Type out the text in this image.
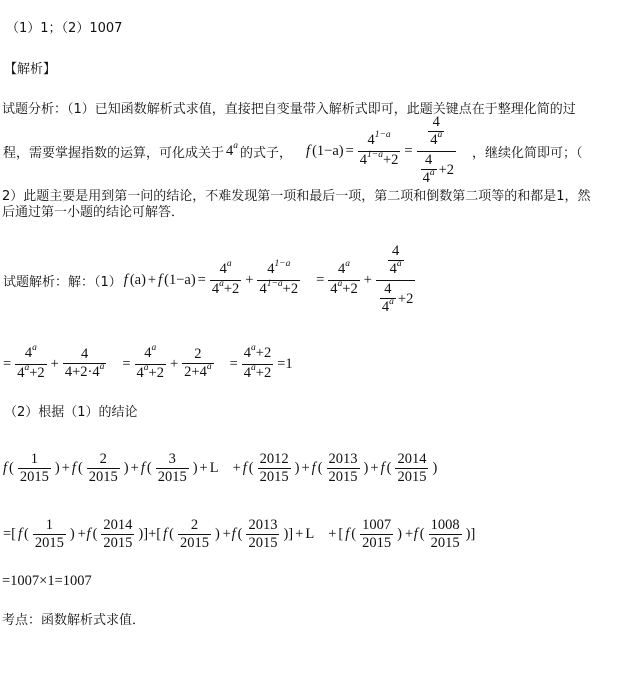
（1）1；（2）1007
【解析】
试题分析：（1）已知函数解析式求值，直接把自变量带入解析式即可，此题关键点在于整理化简的过
程，需要掌握指数的运算，可化成关于 4$^a$ 的式子， f $(1-a) = \frac{4^{1-a}}{4^{1-a}+2} = \frac{\frac{4}{4^a}}{\frac{4}{4^a} +2}$ ，继续化简即可；（
2）此题主要是用到第一问的结论，不难发现第一项和最后一项，第二项和倒数第二项等的和都是1，然
后通过第一小题的结论可解答．
试题解析：解：（1） f (a) + f $(1-a) = \frac{4^a}{4^a+2} + \frac{4^{1-a}}{4^{1-a}+2} = \frac{4^a}{4^a+2} + \frac{\frac{4}{4^a}}{\frac{4}{4^a} +2}$
= $\frac{4^a}{4^a+2} + \frac{4}{4+2\cdot 4^a} = \frac{4^a}{4^a+2} + \frac{2}{2+4^a} = \frac{4^a+2}{4^a+2} =1$
（2）根据（1）的结论
f ( $\frac{1}{2015}$ ) + f ( $\frac{2}{2015}$ ) + f ( $\frac{3}{2015}$ ) + L + f ( $\frac{2012}{2015}$ ) + f ( $\frac{2013}{2015}$ ) + f ( $\frac{2014}{2015}$ )
=[ f ( $\frac{1}{2015}$ ) +f ( $\frac{2014}{2015}$ )]+[ f ( $\frac{2}{2015}$ ) +f ( $\frac{2013}{2015}$ )] + L + [ f ( $\frac{1007}{2015}$ ) +f ( $\frac{1008}{2015}$ )]
=1007×1=1007
考点：函数解析式求值．
